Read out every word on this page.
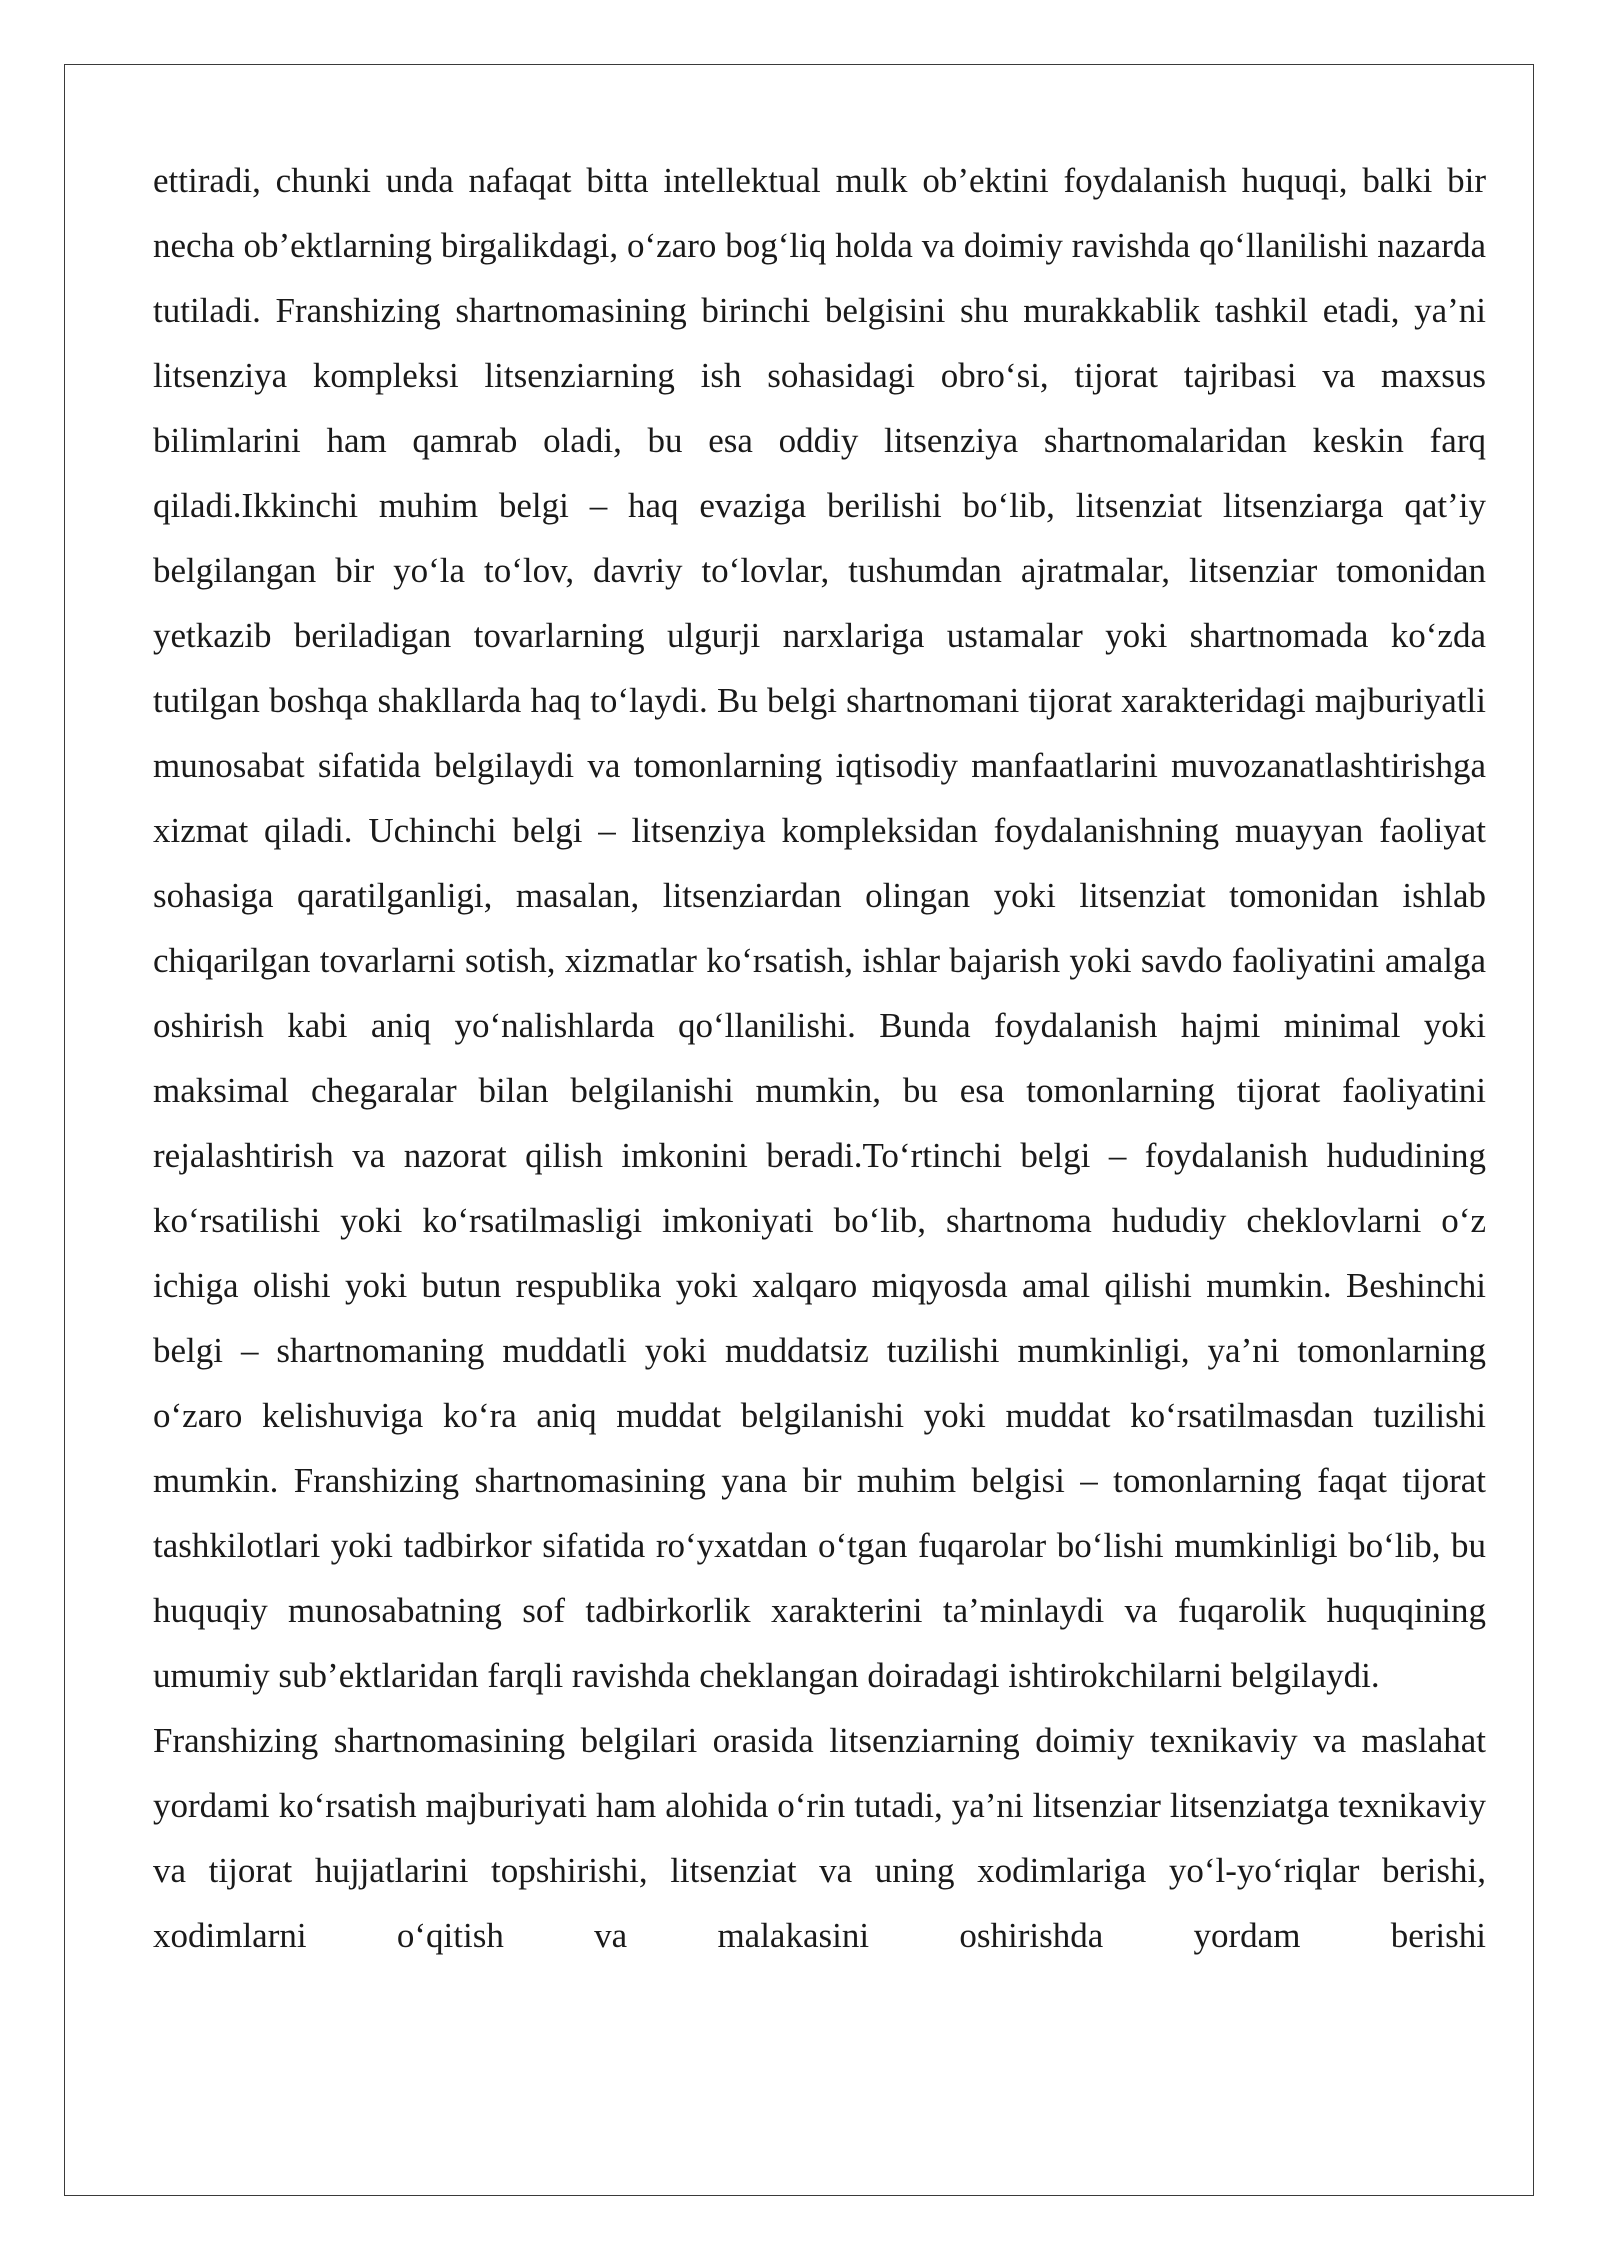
ettiradi, chunki unda nafaqat bitta intellektual mulk ob’ektini foydalanish huquqi, balki bir necha ob’ektlarning birgalikdagi, o‘zaro bog‘liq holda va doimiy ravishda qo‘llanilishi nazarda tutiladi. Franshizing shartnomasining birinchi belgisini shu murakkablik tashkil etadi, ya’ni litsenziya kompleksi litsenziarning ish sohasidagi obro‘si, tijorat tajribasi va maxsus bilimlarini ham qamrab oladi, bu esa oddiy litsenziya shartnomalaridan keskin farq qiladi.Ikkinchi muhim belgi – haq evaziga berilishi bo‘lib, litsenziat litsenziarga qat’iy belgilangan bir yo‘la to‘lov, davriy to‘lovlar, tushumdan ajratmalar, litsenziar tomonidan yetkazib beriladigan tovarlarning ulgurji narxlariga ustamalar yoki shartnomada ko‘zda tutilgan boshqa shakllarda haq to‘laydi. Bu belgi shartnomani tijorat xarakteridagi majburiyatli munosabat sifatida belgilaydi va tomonlarning iqtisodiy manfaatlarini muvozanatlashtirishga xizmat qiladi. Uchinchi belgi – litsenziya kompleksidan foydalanishning muayyan faoliyat sohasiga qaratilganligi, masalan, litsenziardan olingan yoki litsenziat tomonidan ishlab chiqarilgan tovarlarni sotish, xizmatlar ko‘rsatish, ishlar bajarish yoki savdo faoliyatini amalga oshirish kabi aniq yo‘nalishlarda qo‘llanilishi. Bunda foydalanish hajmi minimal yoki maksimal chegaralar bilan belgilanishi mumkin, bu esa tomonlarning tijorat faoliyatini rejalashtirish va nazorat qilish imkonini beradi.To‘rtinchi belgi – foydalanish hududining ko‘rsatilishi yoki ko‘rsatilmasligi imkoniyati bo‘lib, shartnoma hududiy cheklovlarni o‘z ichiga olishi yoki butun respublika yoki xalqaro miqyosda amal qilishi mumkin. Beshinchi belgi – shartnomaning muddatli yoki muddatsiz tuzilishi mumkinligi, ya’ni tomonlarning o‘zaro kelishuviga ko‘ra aniq muddat belgilanishi yoki muddat ko‘rsatilmasdan tuzilishi mumkin. Franshizing shartnomasining yana bir muhim belgisi – tomonlarning faqat tijorat tashkilotlari yoki tadbirkor sifatida ro‘yxatdan o‘tgan fuqarolar bo‘lishi mumkinligi bo‘lib, bu huquqiy munosabatning sof tadbirkorlik xarakterini ta’minlaydi va fuqarolik huquqining umumiy sub’ektlaridan farqli ravishda cheklangan doiradagi ishtirokchilarni belgilaydi.

Franshizing shartnomasining belgilari orasida litsenziarning doimiy texnikaviy va maslahat yordami ko‘rsatish majburiyati ham alohida o‘rin tutadi, ya’ni litsenziar litsenziatga texnikaviy va tijorat hujjatlarini topshirishi, litsenziat va uning xodimlariga yo‘l-yo‘riqlar berishi, xodimlarni o‘qitish va malakasini oshirishda yordam berishi
